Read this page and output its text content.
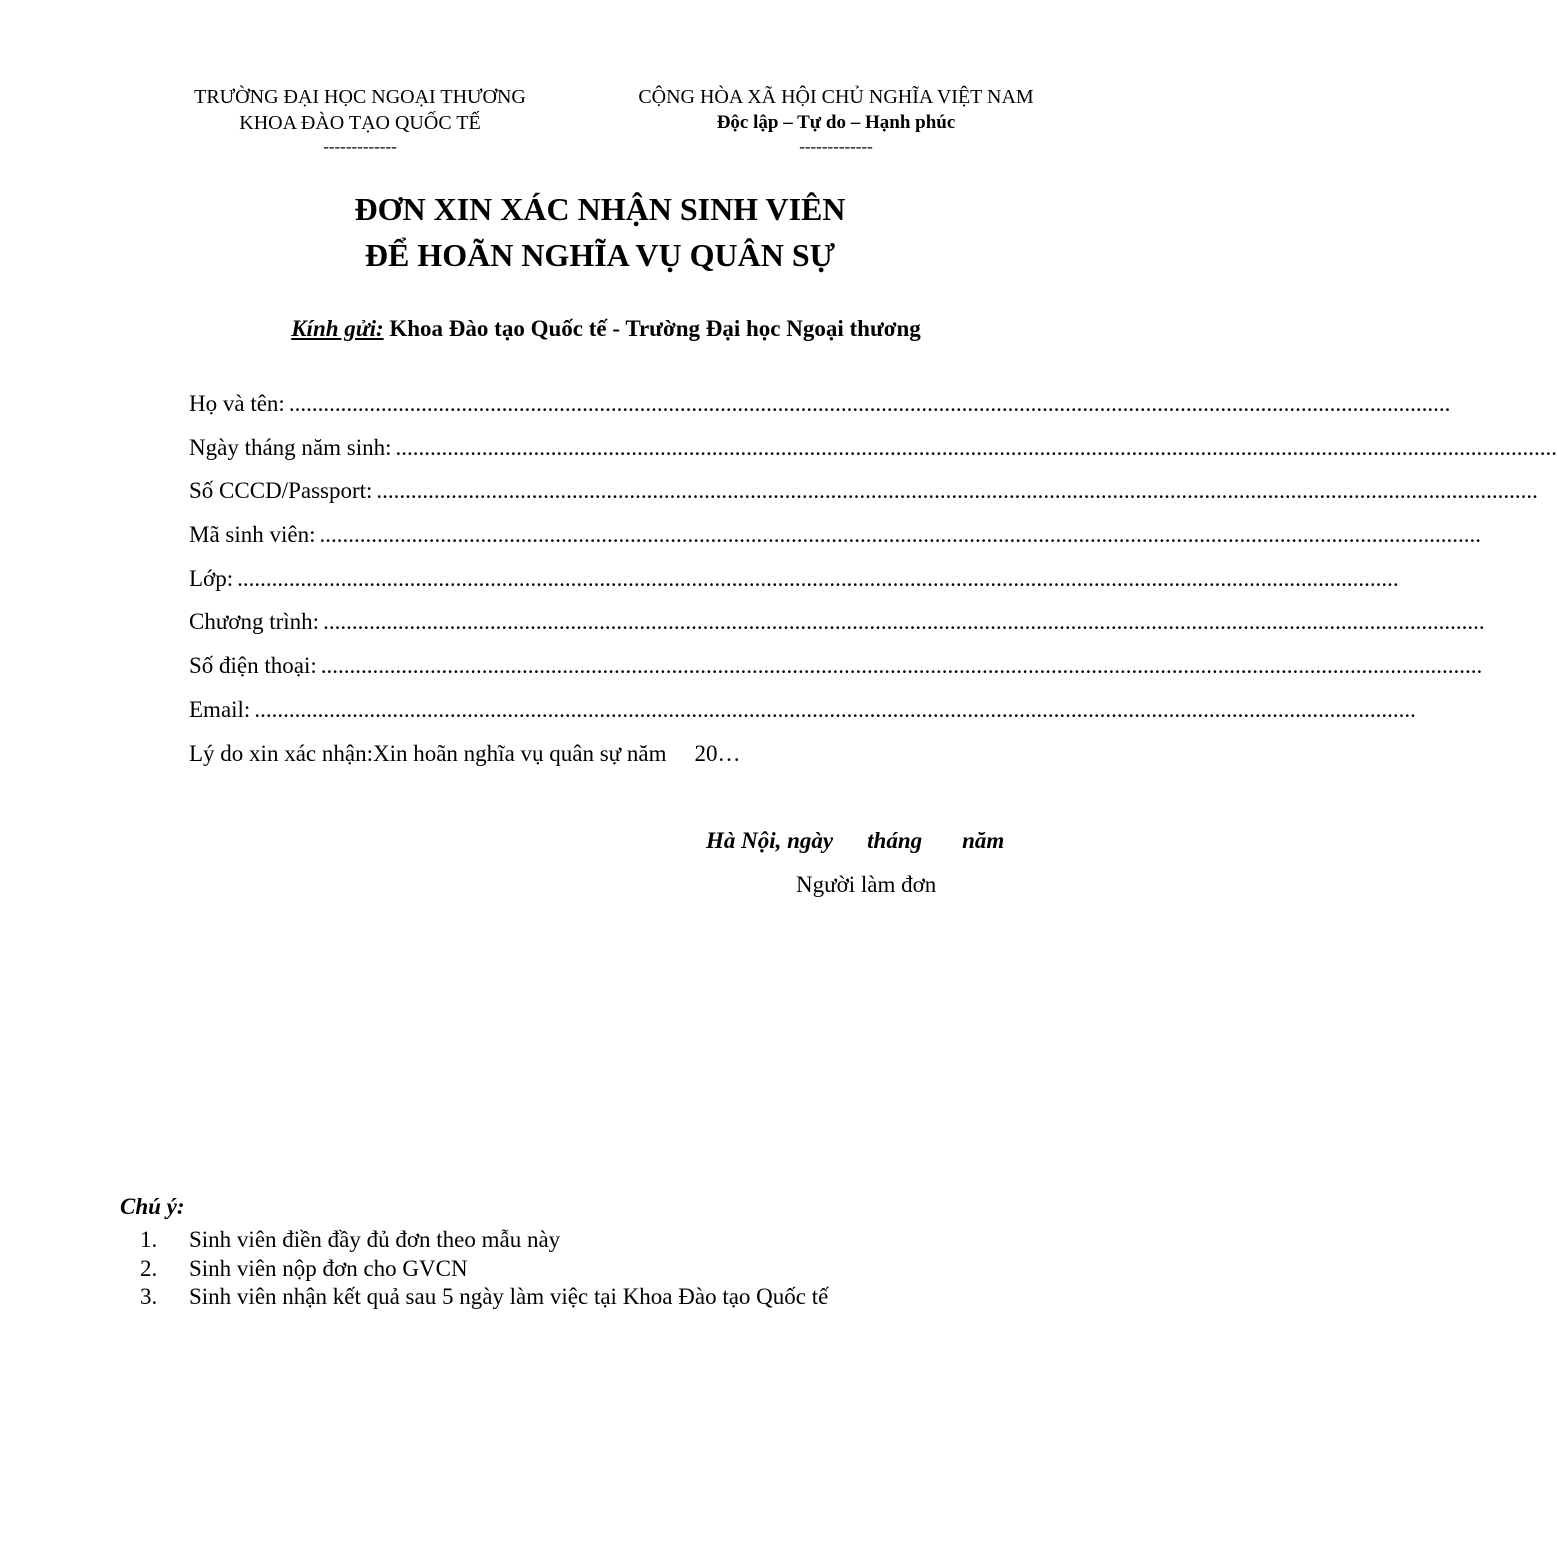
TRƯỜNG ĐẠI HỌC NGOẠI THƯƠNG
KHOA ĐÀO TẠO QUỐC TẾ
-------------
CỘNG HÒA XÃ HỘI CHỦ NGHĨA VIỆT NAM
Độc lập – Tự do – Hạnh phúc
-------------
ĐƠN XIN XÁC NHẬN SINH VIÊN
ĐỂ HOÃN NGHĨA VỤ QUÂN SỰ
Kính gửi: Khoa Đào tạo Quốc tế - Trường Đại học Ngoại thương
Họ và tên: ..........................................................................................................................................................................................................
Ngày tháng năm sinh: ..........................................................................................................................................................................................................
Số CCCD/Passport: ..........................................................................................................................................................................................................
Mã sinh viên: ..........................................................................................................................................................................................................
Lớp: ..........................................................................................................................................................................................................
Chương trình: ..........................................................................................................................................................................................................
Số điện thoại: ..........................................................................................................................................................................................................
Email: ..........................................................................................................................................................................................................
Lý do xin xác nhận: Xin hoãn nghĩa vụ quân sự năm 20…
Hà Nội, ngày tháng năm
Người làm đơn
Chú ý:
1. Sinh viên điền đầy đủ đơn theo mẫu này
2. Sinh viên nộp đơn cho GVCN
3. Sinh viên nhận kết quả sau 5 ngày làm việc tại Khoa Đào tạo Quốc tế
